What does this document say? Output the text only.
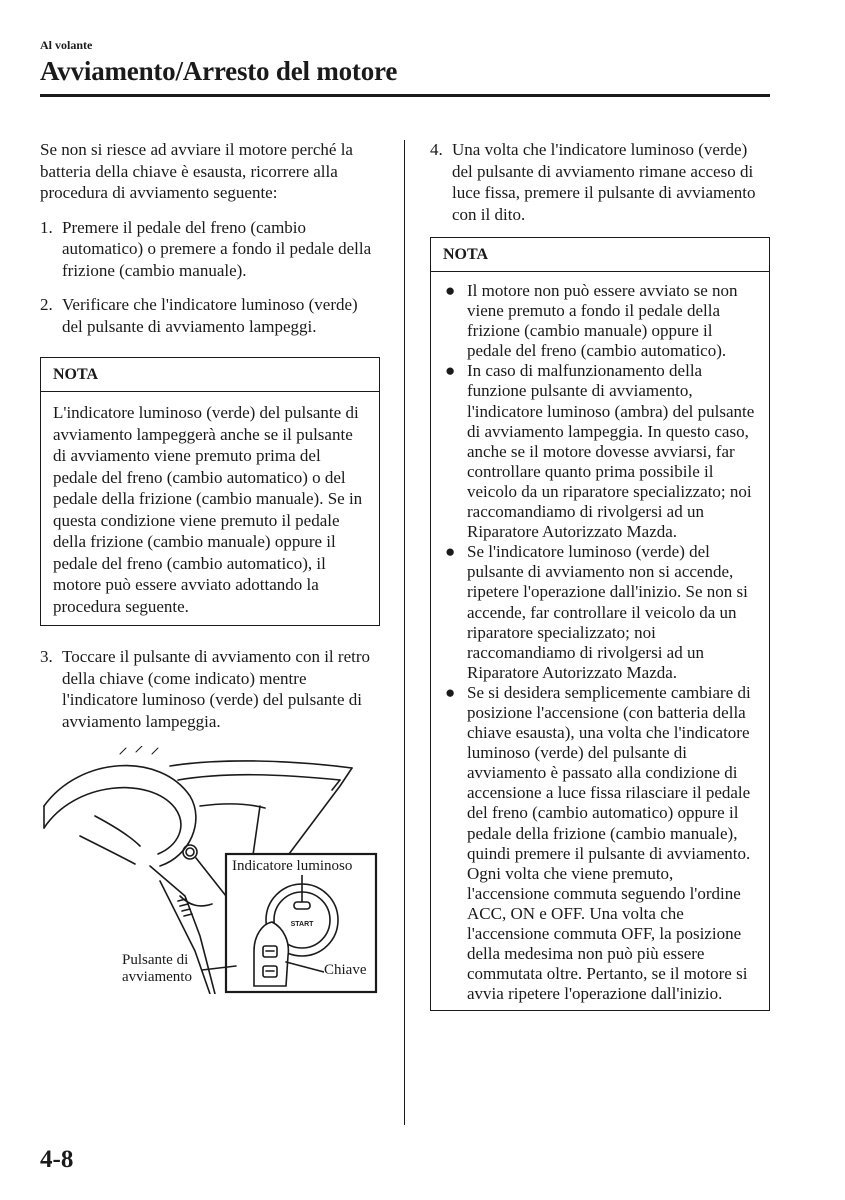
Al volante
Avviamento/Arresto del motore

Se non si riesce ad avviare il motore perché la batteria della chiave è esausta, ricorrere alla procedura di avviamento seguente:

1. Premere il pedale del freno (cambio automatico) o premere a fondo il pedale della frizione (cambio manuale).
2. Verificare che l'indicatore luminoso (verde) del pulsante di avviamento lampeggi.
NOTA
L'indicatore luminoso (verde) del pulsante di avviamento lampeggerà anche se il pulsante di avviamento viene premuto prima del pedale del freno (cambio automatico) o del pedale della frizione (cambio manuale). Se in questa condizione viene premuto il pedale della frizione (cambio manuale) oppure il pedale del freno (cambio automatico), il motore può essere avviato adottando la procedura seguente.
3. Toccare il pulsante di avviamento con il retro della chiave (come indicato) mentre l'indicatore luminoso (verde) del pulsante di avviamento lampeggia.
START
Indicatore luminoso
Pulsante di
avviamento	Chiave
4. Una volta che l'indicatore luminoso (verde) del pulsante di avviamento rimane acceso di luce fissa, premere il pulsante di avviamento con il dito.
NOTA
● Il motore non può essere avviato se non viene premuto a fondo il pedale della frizione (cambio manuale) oppure il pedale del freno (cambio automatico).
● In caso di malfunzionamento della funzione pulsante di avviamento, l'indicatore luminoso (ambra) del pulsante di avviamento lampeggia. In questo caso, anche se il motore dovesse avviarsi, far controllare quanto prima possibile il veicolo da un riparatore specializzato; noi raccomandiamo di rivolgersi ad un Riparatore Autorizzato Mazda.
● Se l'indicatore luminoso (verde) del pulsante di avviamento non si accende, ripetere l'operazione dall'inizio. Se non si accende, far controllare il veicolo da un riparatore specializzato; noi raccomandiamo di rivolgersi ad un Riparatore Autorizzato Mazda.
● Se si desidera semplicemente cambiare di posizione l'accensione (con batteria della chiave esausta), una volta che l'indicatore luminoso (verde) del pulsante di avviamento è passato alla condizione di accensione a luce fissa rilasciare il pedale del freno (cambio automatico) oppure il pedale della frizione (cambio manuale), quindi premere il pulsante di avviamento. Ogni volta che viene premuto, l'accensione commuta seguendo l'ordine ACC, ON e OFF. Una volta che l'accensione commuta OFF, la posizione della medesima non può più essere commutata oltre. Pertanto, se il motore si avvia ripetere l'operazione dall'inizio.
4-8
